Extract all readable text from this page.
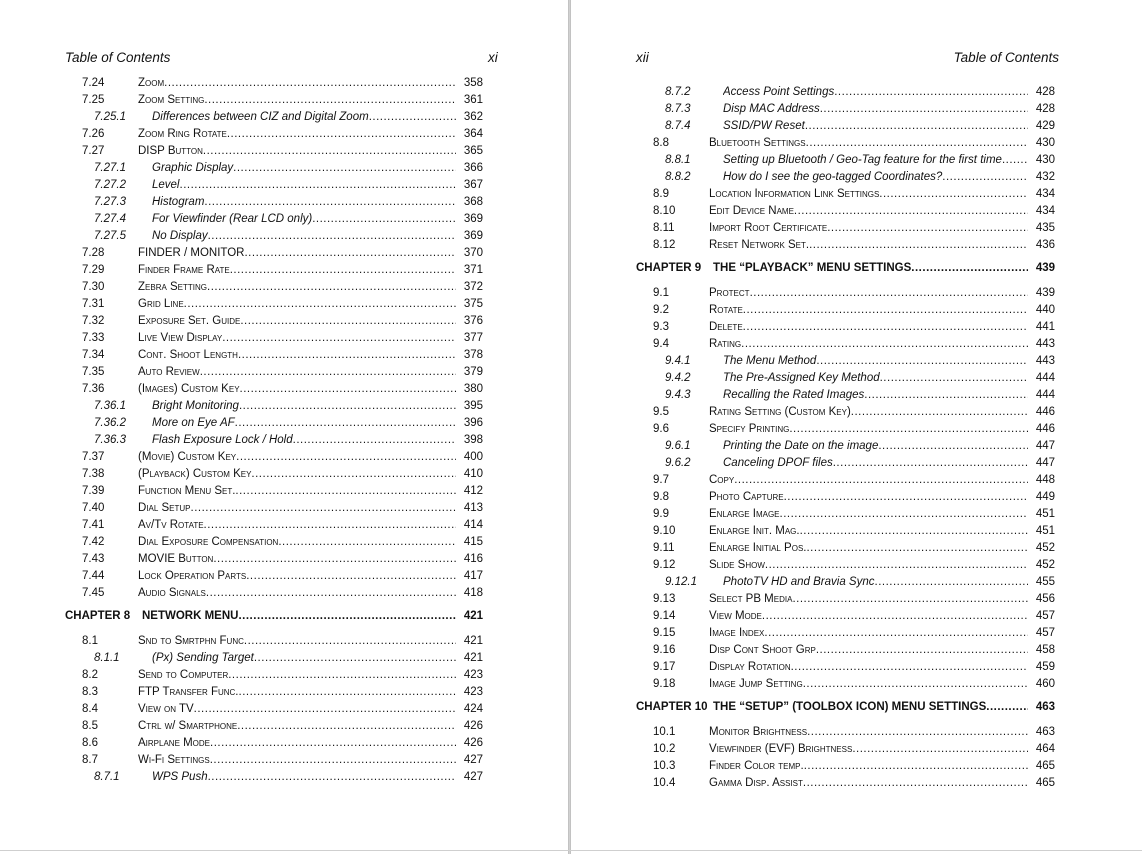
Table of Contents	xi
7.24	Zoom .....	358
7.25	Zoom Setting .....	361
7.25.1 Differences between CIZ and Digital Zoom .....	362
7.26	Zoom Ring Rotate .....	364
7.27	DISP Button .....	365
7.27.1 Graphic Display .....	366
7.27.2 Level .....	367
7.27.3 Histogram .....	368
7.27.4 For Viewfinder (Rear LCD only) .....	369
7.27.5 No Display .....	369
7.28	FINDER / MONITOR .....	370
7.29	Finder Frame Rate .....	371
7.30	Zebra Setting .....	372
7.31	Grid Line .....	375
7.32	Exposure Set. Guide .....	376
7.33	Live View Display .....	377
7.34	Cont. Shoot Length .....	378
7.35	Auto Review .....	379
7.36	(Images) Custom Key .....	380
7.36.1 Bright Monitoring .....	395
7.36.2 More on Eye AF .....	396
7.36.3 Flash Exposure Lock / Hold .....	398
7.37	(Movie) Custom Key .....	400
7.38	(Playback) Custom Key .....	410
7.39	Function Menu Set. .....	412
7.40	Dial Setup .....	413
7.41	Av/Tv Rotate .....	414
7.42	Dial Exposure Compensation .....	415
7.43	MOVIE Button .....	416
7.44	Lock Operation Parts .....	417
7.45	Audio Signals .....	418
CHAPTER 8 NETWORK MENU .....	421
8.1	Snd to Smrtphn Func .....	421
8.1.1	(Px) Sending Target .....	421
8.2	Send to Computer .....	423
8.3	FTP Transfer Func. .....	423
8.4	View on TV .....	424
8.5	Ctrl w/ Smartphone .....	426
8.6	Airplane Mode .....	426
8.7	Wi-Fi Settings .....	427
8.7.1	WPS Push .....	427
xii	Table of Contents
8.7.2	Access Point Settings .....	428
8.7.3	Disp MAC Address .....	428
8.7.4	SSID/PW Reset .....	429
8.8	Bluetooth Settings .....	430
8.8.1	Setting up Bluetooth / Geo-Tag feature for the first time .....	430
8.8.2	How do I see the geo-tagged Coordinates? .....	432
8.9	Location Information Link Settings .....	434
8.10	Edit Device Name .....	434
8.11	Import Root Certificate .....	435
8.12	Reset Network Set. .....	436
CHAPTER 9 THE “PLAYBACK” MENU SETTINGS .....	439
9.1	Protect .....	439
9.2	Rotate .....	440
9.3	Delete .....	441
9.4	Rating .....	443
9.4.1	The Menu Method .....	443
9.4.2	The Pre-Assigned Key Method .....	444
9.4.3	Recalling the Rated Images .....	444
9.5	Rating Setting (Custom Key) .....	446
9.6	Specify Printing .....	446
9.6.1	Printing the Date on the image .....	447
9.6.2	Canceling DPOF files .....	447
9.7	Copy .....	448
9.8	Photo Capture .....	449
9.9	Enlarge Image .....	451
9.10	Enlarge Init. Mag. .....	451
9.11	Enlarge Initial Pos. .....	452
9.12	Slide Show .....	452
9.12.1 PhotoTV HD and Bravia Sync .....	455
9.13	Select PB Media .....	456
9.14	View Mode .....	457
9.15	Image Index .....	457
9.16	Disp Cont Shoot Grp .....	458
9.17	Display Rotation .....	459
9.18	Image Jump Setting .....	460
CHAPTER 10 THE “SETUP” (TOOLBOX ICON) MENU SETTINGS .....	463
10.1	Monitor Brightness .....	463
10.2	Viewfinder (EVF) Brightness .....	464
10.3	Finder Color temp. .....	465
10.4	Gamma Disp. Assist .....	465
